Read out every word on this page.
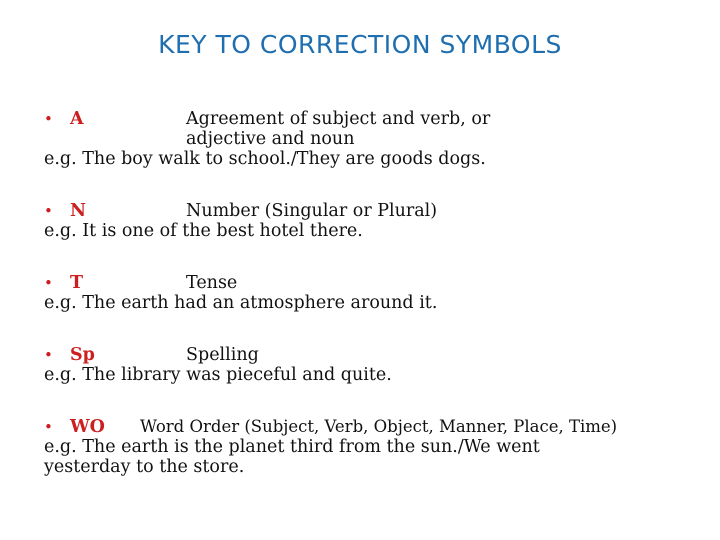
KEY TO CORRECTION SYMBOLS
• A	Agreement of subject and verb, or adjective and noun
e.g. The boy walk to school./They are goods dogs.
• N	Number (Singular or Plural)
e.g. It is one of the best hotel there.
• T	Tense
e.g. The earth had an atmosphere around it.
• Sp	Spelling
e.g. The library was pieceful and quite.
• WO	Word Order (Subject, Verb, Object, Manner, Place, Time)
e.g. The earth is the planet third from the sun./We went yesterday to the store.
